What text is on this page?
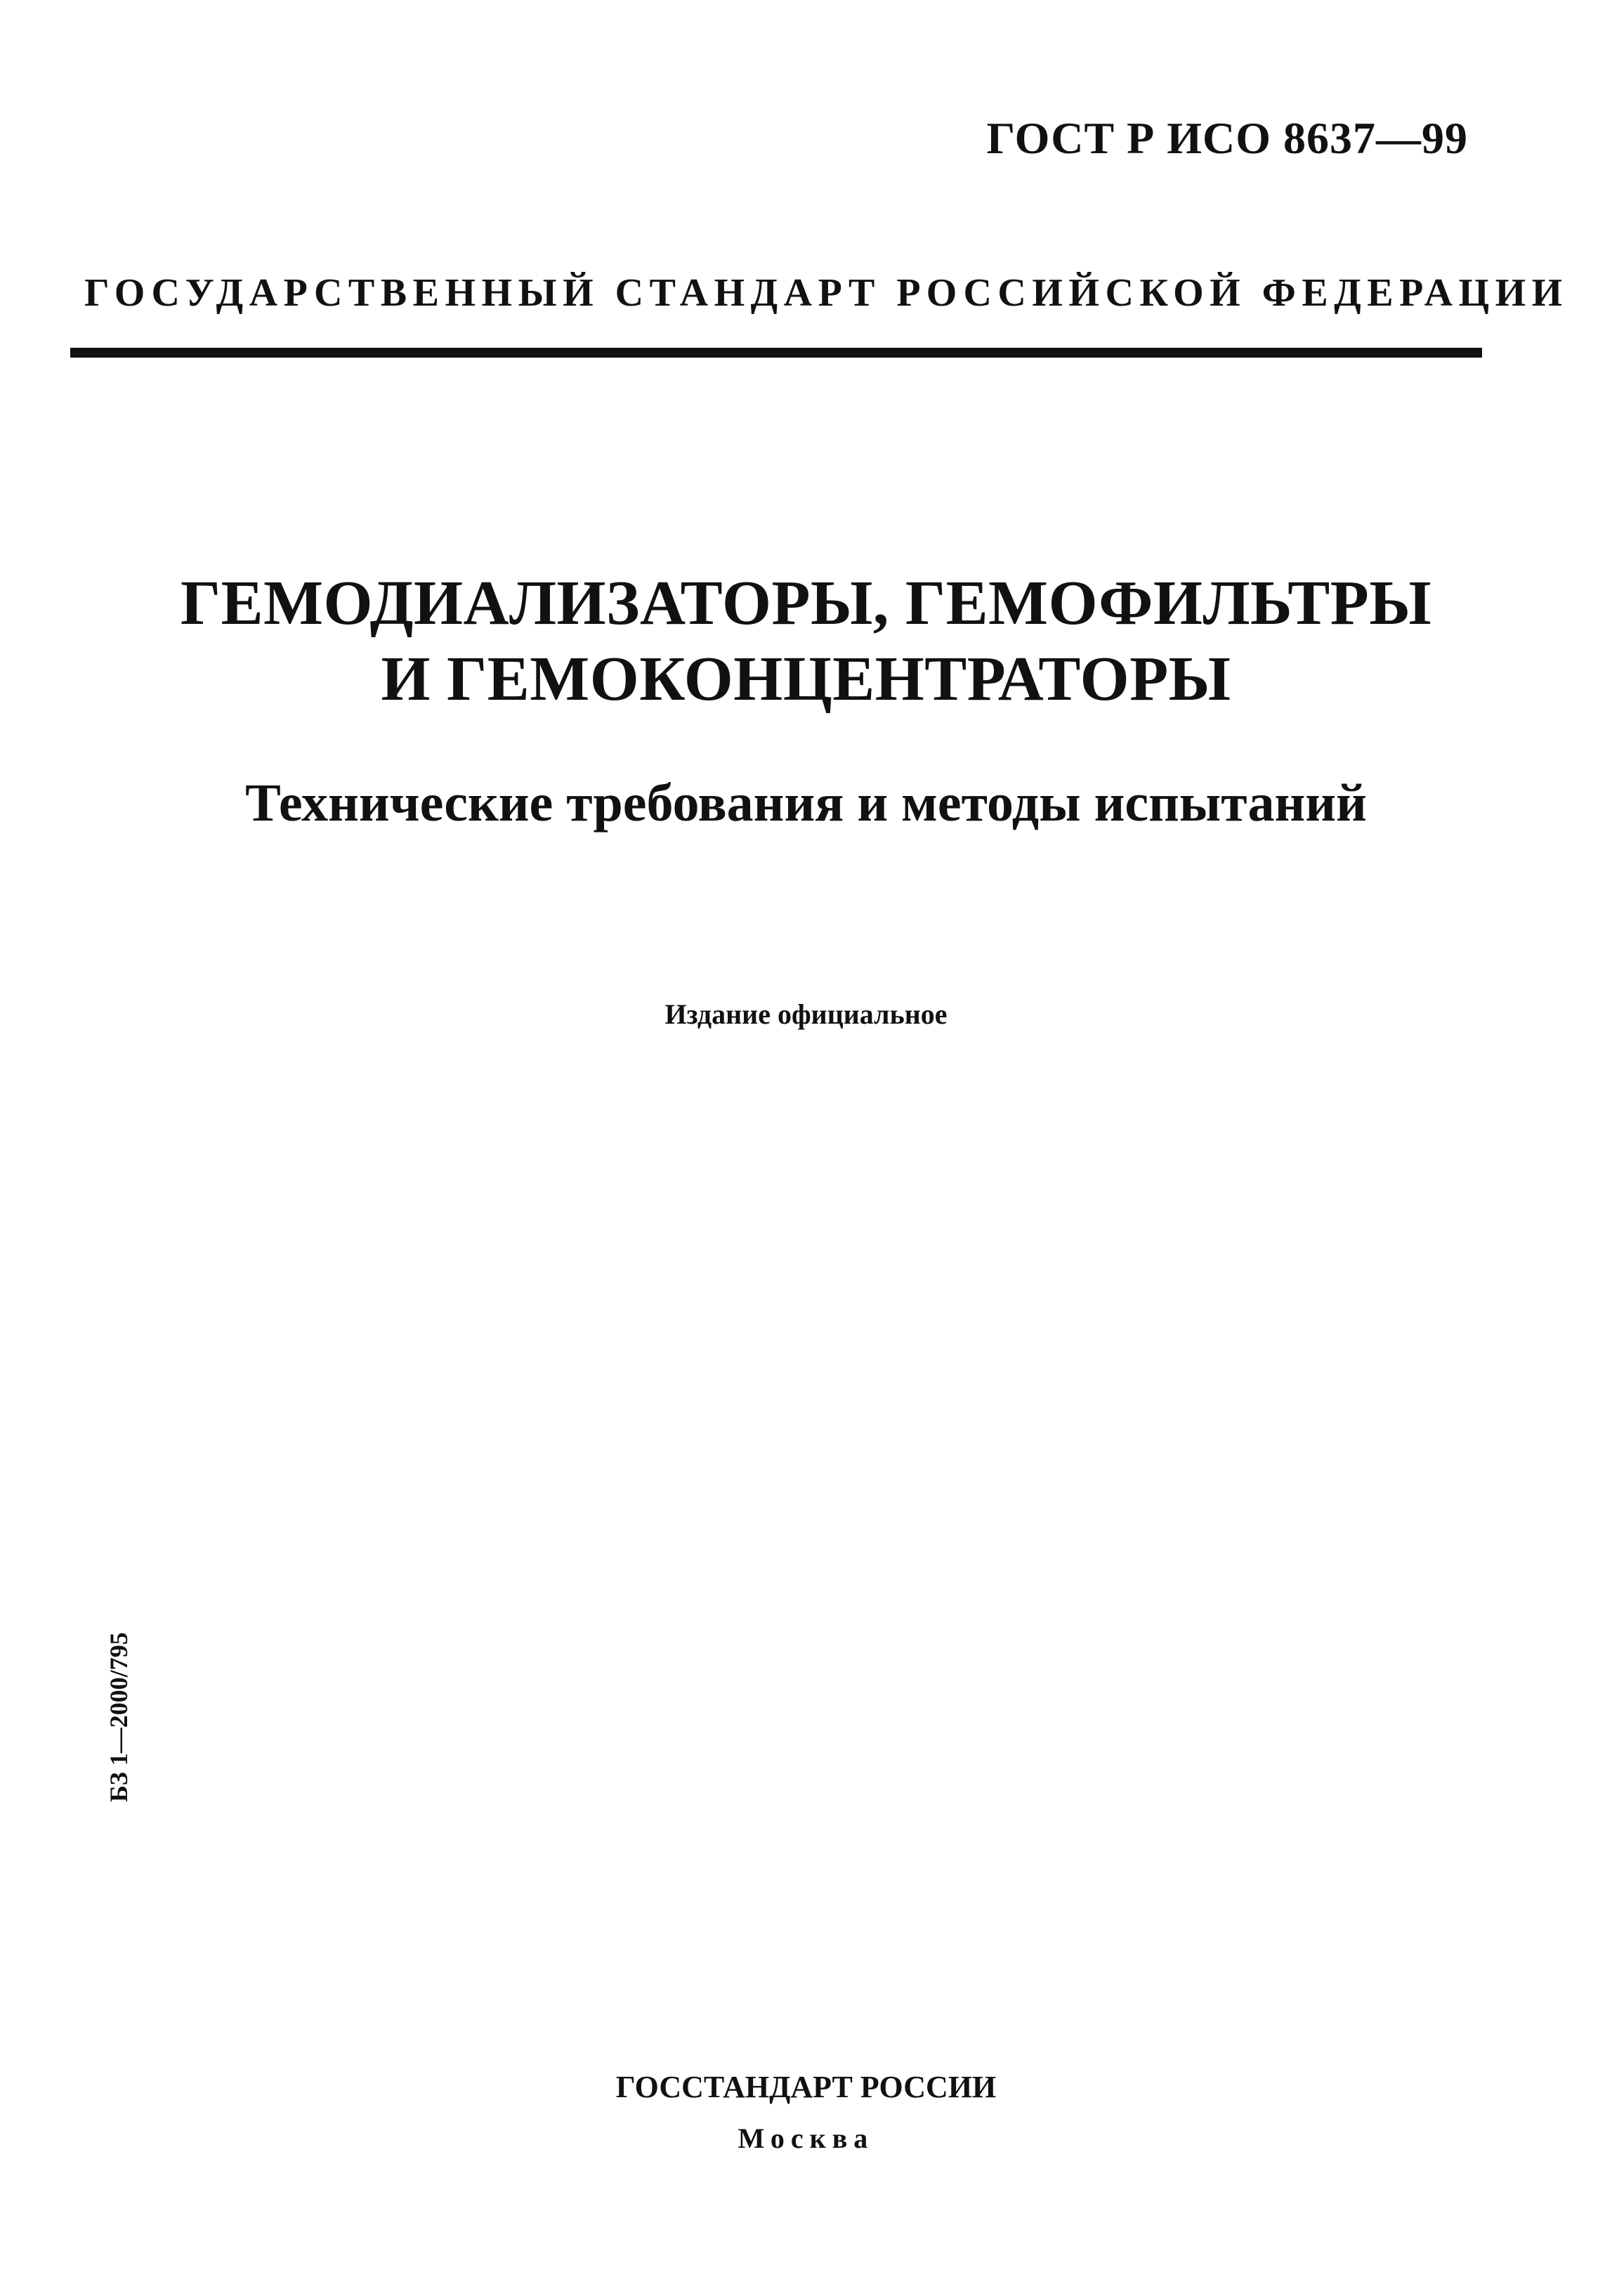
ГОСТ Р ИСО 8637—99
ГОСУДАРСТВЕННЫЙ СТАНДАРТ РОССИЙСКОЙ ФЕДЕРАЦИИ
ГЕМОДИАЛИЗАТОРЫ, ГЕМОФИЛЬТРЫ
И ГЕМОКОНЦЕНТРАТОРЫ
Технические требования и методы испытаний
Издание официальное
БЗ 1—2000/795
ГОССТАНДАРТ РОССИИ
Москва
